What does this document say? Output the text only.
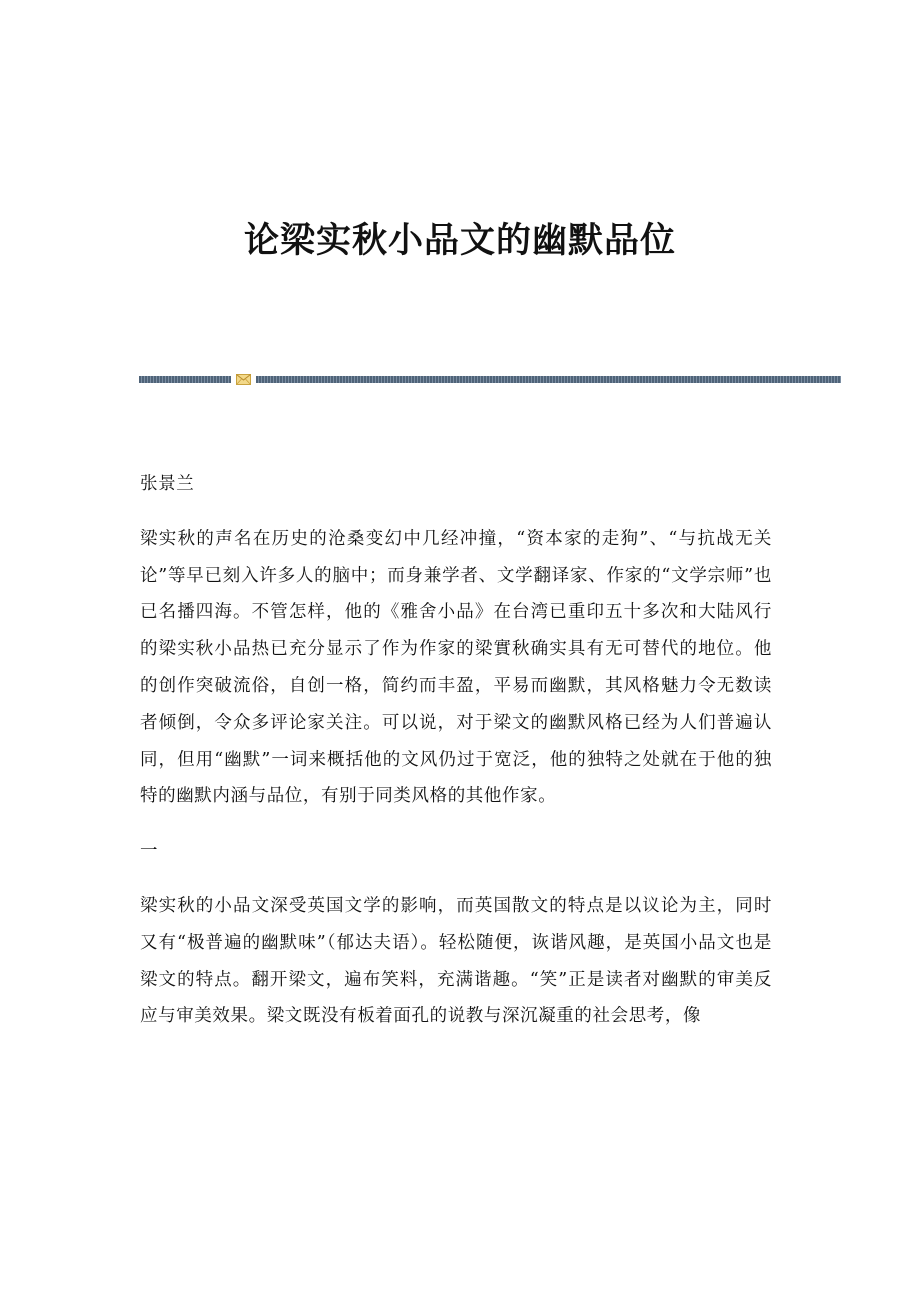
论梁实秋小品文的幽默品位

张景兰

梁实秋的声名在历史的沧桑变幻中几经冲撞，“资本家的走狗”、“与抗战无关论”等早已刻入许多人的脑中；而身兼学者、文学翻译家、作家的“文学宗师”也已名播四海。不管怎样，他的《雅舍小品》在台湾已重印五十多次和大陆风行的梁实秋小品热已充分显示了作为作家的梁實秋确实具有无可替代的地位。他的创作突破流俗，自创一格，简约而丰盈，平易而幽默，其风格魅力令无数读者倾倒，令众多评论家关注。可以说，对于梁文的幽默风格已经为人们普遍认同，但用“幽默”一词来概括他的文风仍过于宽泛，他的独特之处就在于他的独特的幽默内涵与品位，有别于同类风格的其他作家。

一

梁实秋的小品文深受英国文学的影响，而英国散文的特点是以议论为主，同时又有“极普遍的幽默味”（郁达夫语）。轻松随便，诙谐风趣，是英国小品文也是梁文的特点。翻开梁文，遍布笑料，充满谐趣。“笑”正是读者对幽默的审美反应与审美效果。梁文既没有板着面孔的说教与深沉凝重的社会思考，像
